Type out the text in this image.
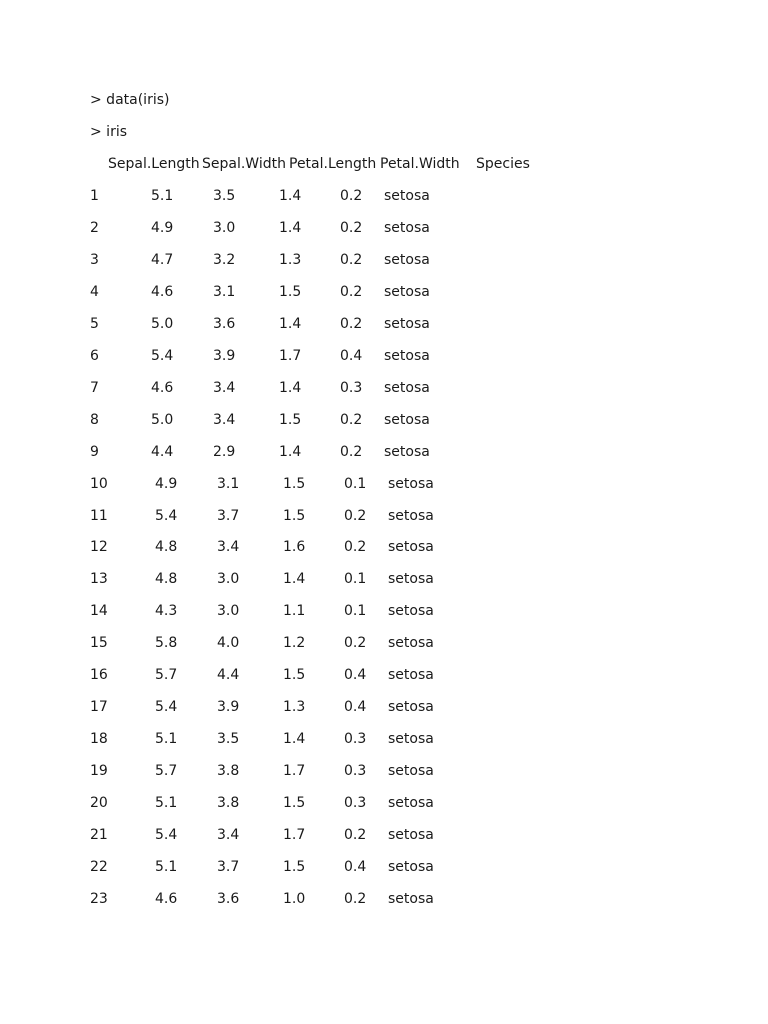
> data(iris)
> iris
Sepal.Length Sepal.Width Petal.Length Petal.Width Species
1	5.1	3.5	1.4	0.2 setosa
2	4.9	3.0	1.4	0.2 setosa
3	4.7	3.2	1.3	0.2 setosa
4	4.6	3.1	1.5	0.2 setosa
5	5.0	3.6	1.4	0.2 setosa
6	5.4	3.9	1.7	0.4 setosa
7	4.6	3.4	1.4	0.3 setosa
8	5.0	3.4	1.5	0.2 setosa
9	4.4	2.9	1.4	0.2 setosa
10	4.9	3.1	1.5	0.1 setosa
11	5.4	3.7	1.5	0.2 setosa
12	4.8	3.4	1.6	0.2 setosa
13	4.8	3.0	1.4	0.1 setosa
14	4.3	3.0	1.1	0.1 setosa
15	5.8	4.0	1.2	0.2 setosa
16	5.7	4.4	1.5	0.4 setosa
17	5.4	3.9	1.3	0.4 setosa
18	5.1	3.5	1.4	0.3 setosa
19	5.7	3.8	1.7	0.3 setosa
20	5.1	3.8	1.5	0.3 setosa
21	5.4	3.4	1.7	0.2 setosa
22	5.1	3.7	1.5	0.4 setosa
23	4.6	3.6	1.0	0.2 setosa
